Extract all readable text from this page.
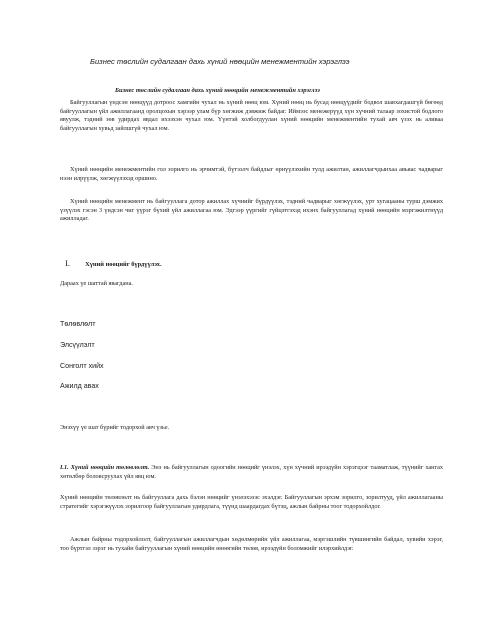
Бизнес тѳслийн судалгаан дахь хүний нөөцийн менежментийн хэрэглээ
Бизнес төслийн судалгаан дахь хүний нөөцийн менежментийн хэрэглээ

Байгууллагын үндсэн нөөцүүд дотроос хамгийн чухал нь хүний нөөц юм. Хүний нөөц нь бусад нөөцүүдийг бодвол шавхагдашгүй бөгөөд байгууллагын үйл ажиллагаанд оролцохын хэрээр улам бүр хөгжиж дэвжиж байдаг. Иймээс менежерүүд хүн хүчний талаар зохистой бодлого явуулж, тэдний зөв удирдах явдал ихээхэн чухал юм. Үүнтэй холбогдуулан хүний нөөцийн менежментийн тухай авч үзэх нь аливаа байгууллагын хувьд зайлшгүй чухал юм.

Хүний нөөцийн менежментийн гол зорилго нь эрчимтэй, бүтээлч байдлыг өрнүүлэхийн тулд ажилтан, ажиллагчдынхаа авьяас чадварыг нээн илрүүлж, хөгжүүлэхэд оршино.

Хүний нөөцийн менежмент нь байгууллага дотор ажиллах хүчнийг бүрдүүлэх, тэдний чадварыг хөгжүүлэх, урт хугацааны турш дэмжих үзүүлэх гэсэн 3 үндсэн чиг үүрэг бүхий үйл ажиллагаа юм. Эдгээр үүргийг гүйцэтгэхэд ихэнх байгууллагад хүний нөөцийн мэргэжилтнүүд ажилладаг.

I. Хүний нөөцийг бүрдүүлэх.

Дараах үе шаттай явагдана.

Тѳлѳвлѳлт
Элсүүлэлт
Сонголт хийх
Ажилд авах

Энэхүү үе шат бүрийг тодорхой авч үзье.

I.1. Хүний нөөцийн төлөвлөлт. Энэ нь байгууллагын одоогийн нөөцийг үнэлэх, хүн хүчний ирээдүйн хэрэгцээг тааматлаж, түүнийг хангах хөтөлбөр боловсруулах үйл явц юм.

Хүний нөөцийн төлөвлөлт нь байгууллага дахь бэлэн нөөцийг үнэлэхэээс эхэлдэг. Байгууллагын эрхэм зорилго, зорилтууд, үйл ажиллагааны стратегийг хэрэгжүүлэх зорилгоор байгууллагын удирдлага, түүнд шаардагдах бүтэц, ажлын байрны тоог тодорхойлдог.

Ажлын байрны тодорхойлолт, байгууллагын ажиллагчдын хөдөлмөрийн үйл ажиллагаа, мэргэшлийн түвшингийн байдал, хувийн хэрэг, тоо бүртгэл зэрэг нь тухайн байгууллагын хүний нөөцийн өнөөгийн төлөв, ирээдүйн боломжийг илэрхийлдэг.
